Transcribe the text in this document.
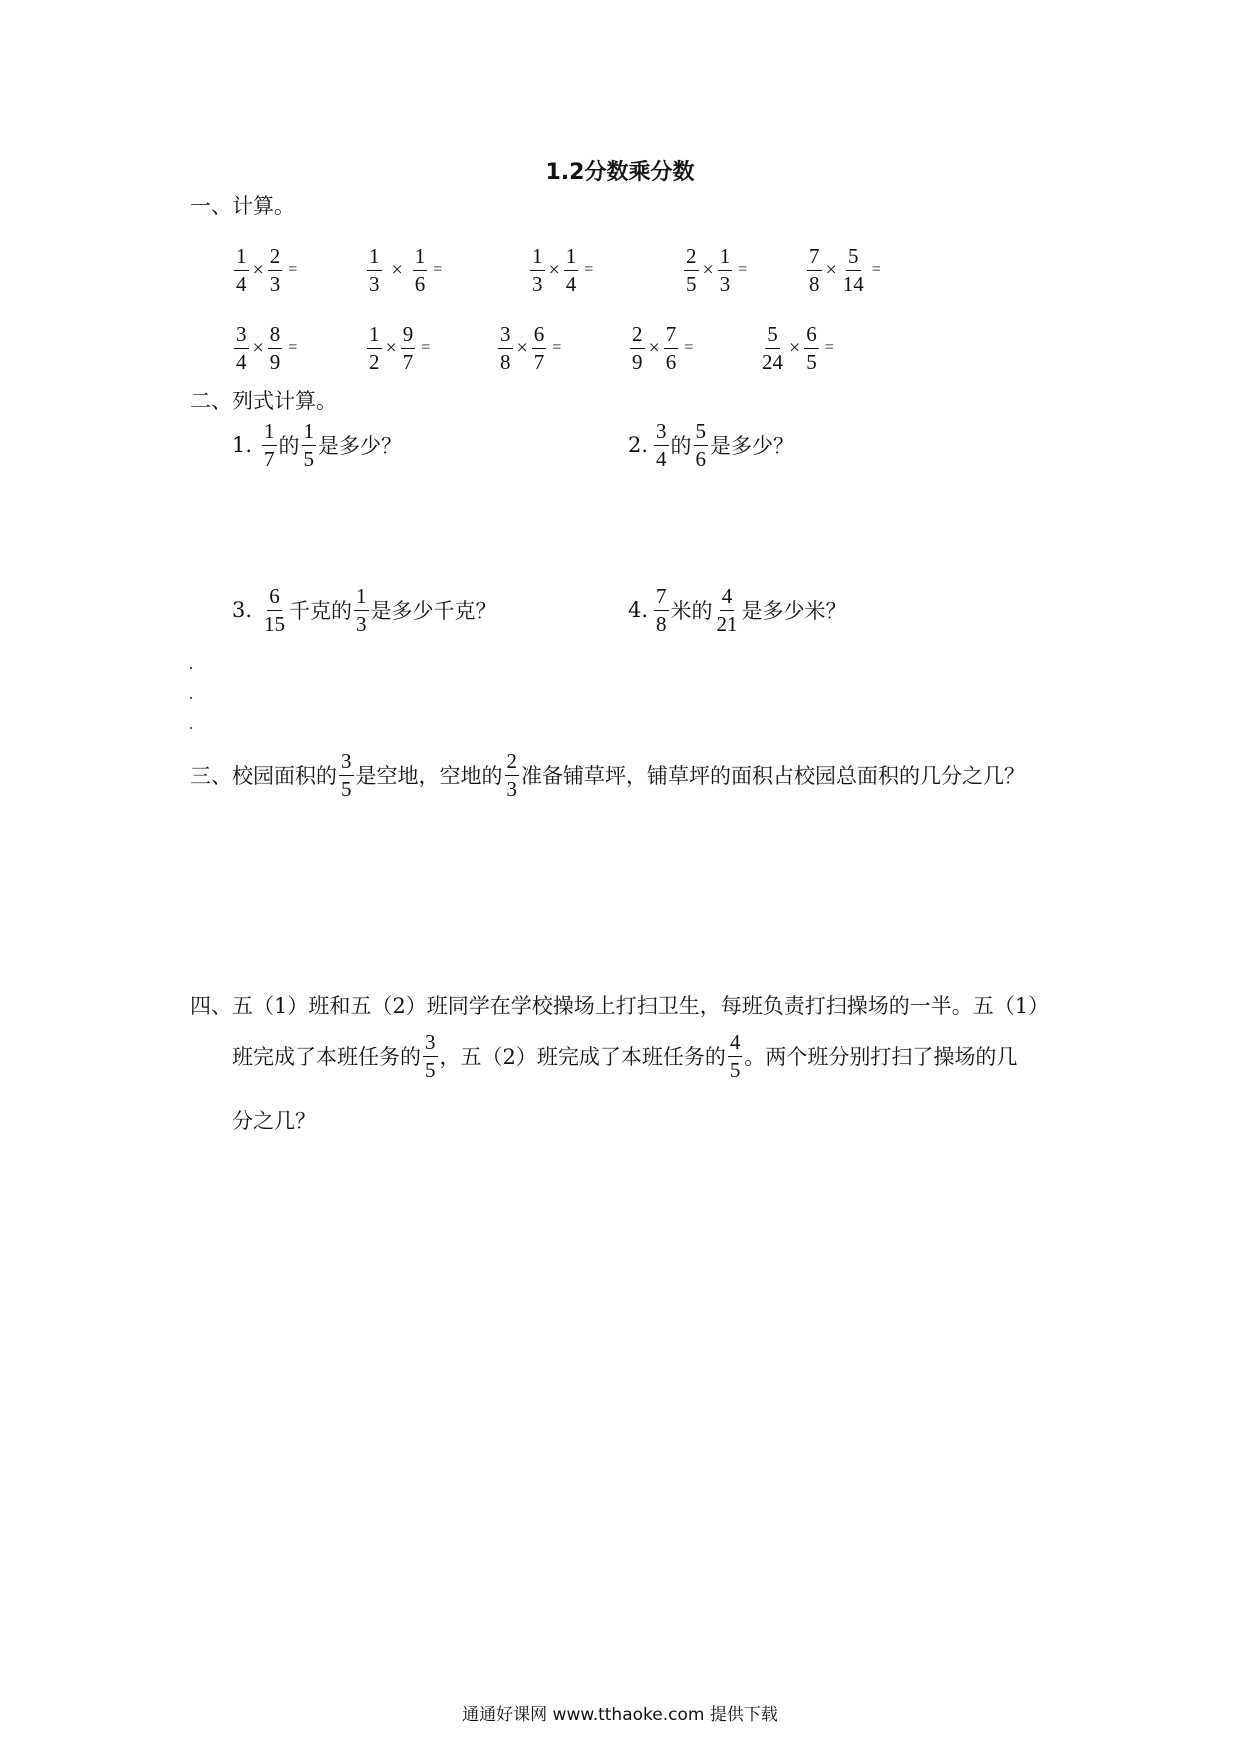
1.2分数乘分数
一、计算。
$\frac{1}{4} \times \frac{2}{3}$ =	$\frac{1}{3} \times \frac{1}{6}$ =	$\frac{1}{3} \times \frac{1}{4}$ =	$\frac{2}{5} \times \frac{1}{3}$ =	$\frac{7}{8} \times \frac{5}{14}$ =
$\frac{3}{4} \times \frac{8}{9}$ =	$\frac{1}{2} \times \frac{9}{7}$ =	$\frac{3}{8} \times \frac{6}{7}$ =	$\frac{2}{9} \times \frac{7}{6}$ =	$\frac{5}{24} \times \frac{6}{5}$ =
二、列式计算。
1. $\frac{1}{7}$ 的 $\frac{1}{5}$ 是多少？	2. $\frac{3}{4}$ 的 $\frac{5}{6}$ 是多少？
3. $\frac{6}{15}$ 千克的 $\frac{1}{3}$ 是多少千克？	4. $\frac{7}{8}$ 米的 $\frac{4}{21}$ 是多少米？
三、校园面积的 $\frac{3}{5}$ 是空地，空地的 $\frac{2}{3}$ 准备铺草坪，铺草坪的面积占校园总面积的几分之几？
四、五（1）班和五（2）班同学在学校操场上打扫卫生，每班负责打扫操场的一半。五（1）
班完成了本班任务的 $\frac{3}{5}$ ，五（2）班完成了本班任务的 $\frac{4}{5}$ 。两个班分别打扫了操场的几
分之几？
通通好课网 www.tthaoke.com 提供下载
